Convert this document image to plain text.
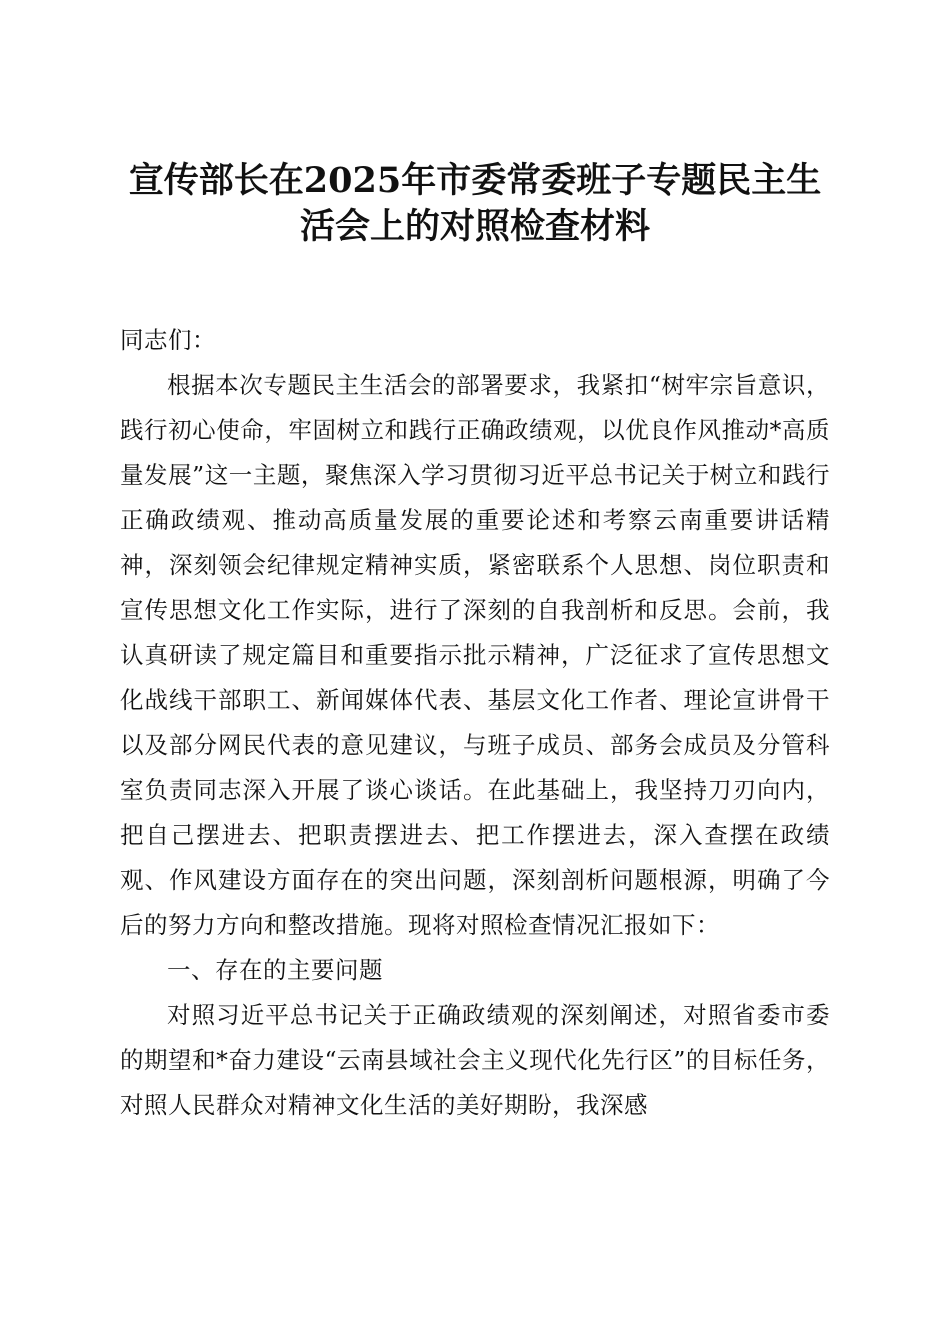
宣传部长在2025年市委常委班子专题民主生
活会上的对照检查材料

同志们：

根据本次专题民主生活会的部署要求，我紧扣“树牢宗旨意识，践行初心使命，牢固树立和践行正确政绩观，以优良作风推动*高质量发展”这一主题，聚焦深入学习贯彻习近平总书记关于树立和践行正确政绩观、推动高质量发展的重要论述和考察云南重要讲话精神，深刻领会纪律规定精神实质，紧密联系个人思想、岗位职责和宣传思想文化工作实际，进行了深刻的自我剖析和反思。会前，我认真研读了规定篇目和重要指示批示精神，广泛征求了宣传思想文化战线干部职工、新闻媒体代表、基层文化工作者、理论宣讲骨干以及部分网民代表的意见建议，与班子成员、部务会成员及分管科室负责同志深入开展了谈心谈话。在此基础上，我坚持刀刃向内，把自己摆进去、把职责摆进去、把工作摆进去，深入查摆在政绩观、作风建设方面存在的突出问题，深刻剖析问题根源，明确了今后的努力方向和整改措施。现将对照检查情况汇报如下：

一、存在的主要问题

对照习近平总书记关于正确政绩观的深刻阐述，对照省委市委的期望和*奋力建设“云南县域社会主义现代化先行区”的目标任务，对照人民群众对精神文化生活的美好期盼，我深感
